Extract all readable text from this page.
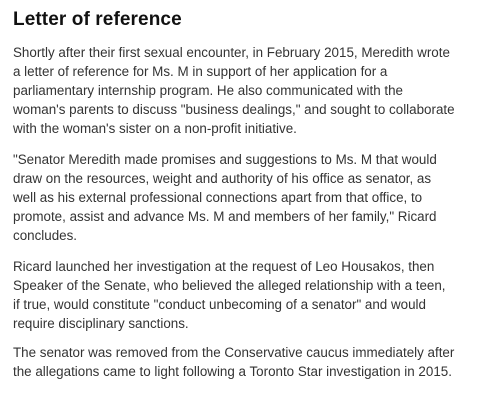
Letter of reference

Shortly after their first sexual encounter, in February 2015, Meredith wrote
a letter of reference for Ms. M in support of her application for a
parliamentary internship program. He also communicated with the
woman's parents to discuss "business dealings," and sought to collaborate
with the woman's sister on a non-profit initiative.

"Senator Meredith made promises and suggestions to Ms. M that would
draw on the resources, weight and authority of his office as senator, as
well as his external professional connections apart from that office, to
promote, assist and advance Ms. M and members of her family," Ricard
concludes.

Ricard launched her investigation at the request of Leo Housakos, then
Speaker of the Senate, who believed the alleged relationship with a teen,
if true, would constitute "conduct unbecoming of a senator" and would
require disciplinary sanctions.

The senator was removed from the Conservative caucus immediately after
the allegations came to light following a Toronto Star investigation in 2015.
